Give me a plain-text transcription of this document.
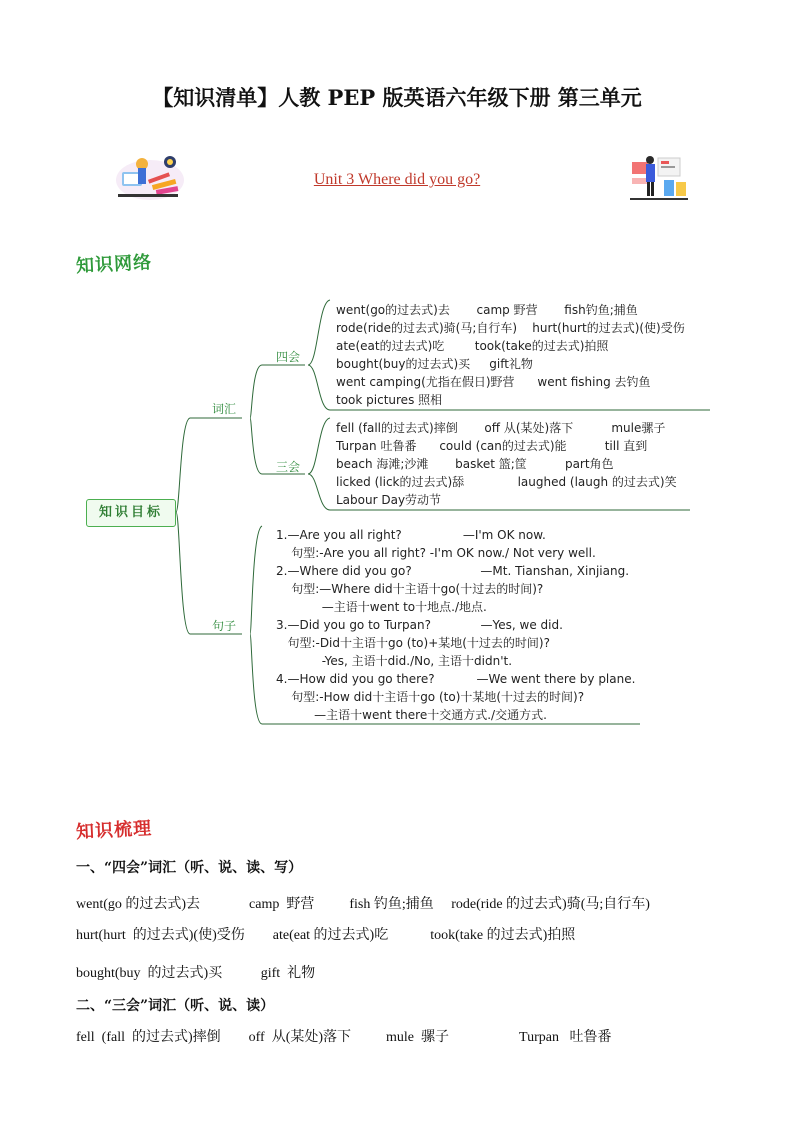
【知识清单】人教 PEP 版英语六年级下册 第三单元
Unit 3 Where did you go?
知识网络
知识目标
词汇
句子
四会
三会
went(go的过去式)去       camp 野营       fish钓鱼;捕鱼
rode(ride的过去式)骑(马;自行车)    hurt(hurt的过去式)(使)受伤
ate(eat的过去式)吃        took(take的过去式)拍照
bought(buy的过去式)买     gift礼物
went camping(尤指在假日)野营      went fishing 去钓鱼
took pictures 照相
fell (fall的过去式)摔倒       off 从(某处)落下          mule骡子
Turpan 吐鲁番      could (can的过去式)能          till 直到
beach 海滩;沙滩       basket 篮;筐          part角色
licked (lick的过去式)舔              laughed (laugh 的过去式)笑
Labour Day劳动节
1.—Are you all right?                —I'm OK now.
句型:-Are you all right? -I'm OK now./ Not very well.
2.—Where did you go?                  —Mt. Tianshan, Xinjiang.
句型:—Where did十主语十go(十过去的时间)?
—主语十went to十地点./地点.
3.—Did you go to Turpan?             —Yes, we did.
句型:-Did十主语十go (to)+某地(十过去的时间)?
-Yes, 主语十did./No, 主语十didn't.
4.—How did you go there?           —We went there by plane.
句型:-How did十主语十go (to)十某地(十过去的时间)?
—主语十went there十交通方式./交通方式.
知识梳理
一、“四会”词汇（听、说、读、写）
went(go 的过去式)去              camp  野营          fish 钓鱼;捕鱼     rode(ride 的过去式)骑(马;自行车)
hurt(hurt  的过去式)(使)受伤        ate(eat 的过去式)吃            took(take 的过去式)拍照
bought(buy  的过去式)买           gift  礼物
二、“三会”词汇（听、说、读）
fell  (fall  的过去式)摔倒        off  从(某处)落下          mule  骡子                    Turpan   吐鲁番
